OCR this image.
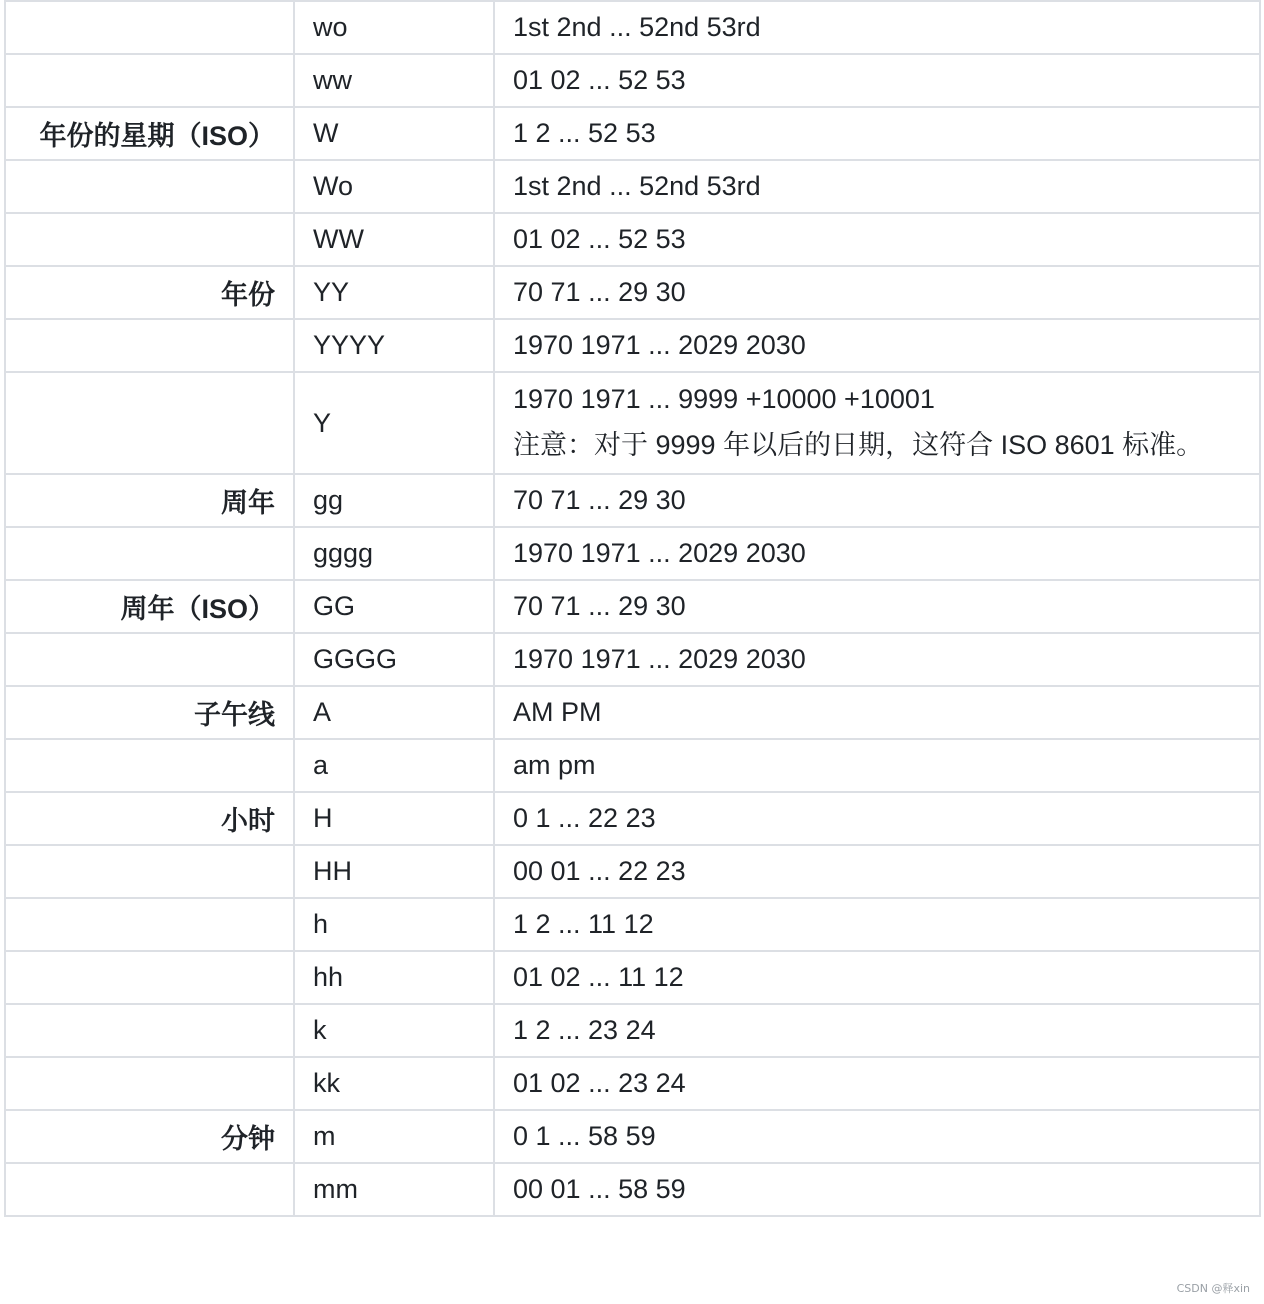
	wo	1st 2nd ... 52nd 53rd
	ww	01 02 ... 52 53
年份的星期（ISO）	W	1 2 ... 52 53
	Wo	1st 2nd ... 52nd 53rd
	WW	01 02 ... 52 53
年份	YY	70 71 ... 29 30
	YYYY	1970 1971 ... 2029 2030
	Y	1970 1971 ... 9999 +10000 +10001
注意：对于 9999 年以后的日期，这符合 ISO 8601 标准。

周年	gg	70 71 ... 29 30
	gggg	1970 1971 ... 2029 2030
周年（ISO）	GG	70 71 ... 29 30
	GGGG	1970 1971 ... 2029 2030
子午线	A	AM PM
	a	am pm
小时	H	0 1 ... 22 23
	HH	00 01 ... 22 23
	h	1 2 ... 11 12
	hh	01 02 ... 11 12
	k	1 2 ... 23 24
	kk	01 02 ... 23 24
分钟	m	0 1 ... 58 59
	mm	00 01 ... 58 59
CSDN @释xin
